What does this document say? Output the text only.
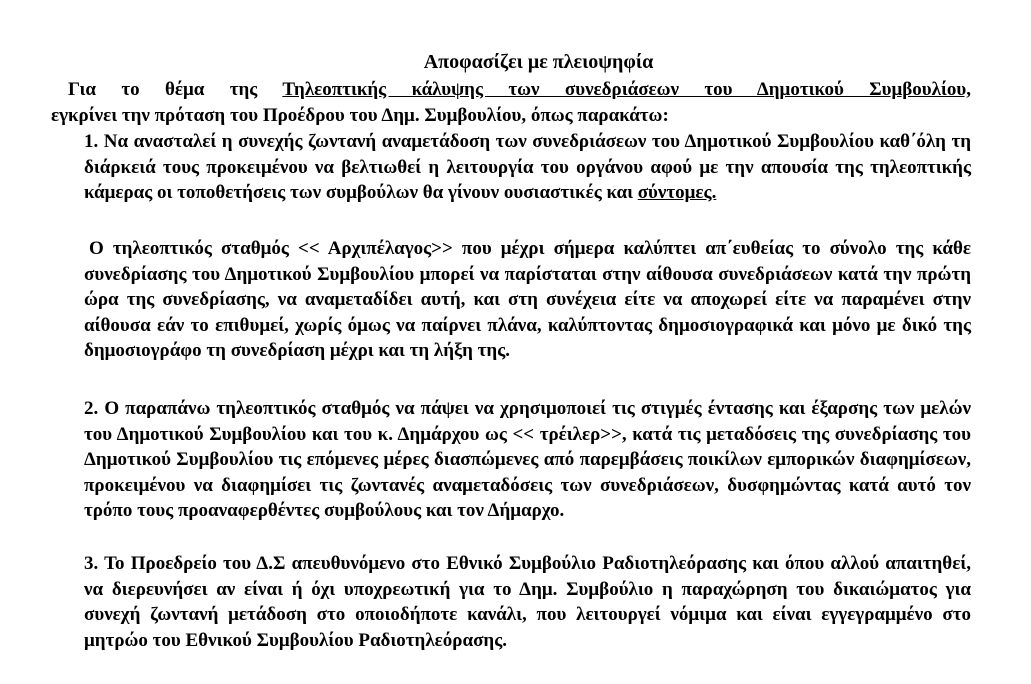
Αποφασίζει με πλειοψηφία
Για το θέμα της Τηλεοπτικής κάλυψης των συνεδριάσεων του Δημοτικού Συμβουλίου,
εγκρίνει την πρόταση του Προέδρου του Δημ. Συμβουλίου, όπως παρακάτω:
1. Να ανασταλεί η συνεχής ζωντανή αναμετάδοση των συνεδριάσεων του Δημοτικού Συμβουλίου καθ΄όλη τη διάρκειά τους προκειμένου να βελτιωθεί η λειτουργία του οργάνου αφού με την απουσία της τηλεοπτικής κάμερας οι τοποθετήσεις των συμβούλων θα γίνουν ουσιαστικές και σύντομες.
Ο τηλεοπτικός σταθμός << Αρχιπέλαγος>> που μέχρι σήμερα καλύπτει απ΄ευθείας το σύνολο της κάθε συνεδρίασης του Δημοτικού Συμβουλίου μπορεί να παρίσταται στην αίθουσα συνεδριάσεων κατά την πρώτη ώρα της συνεδρίασης, να αναμεταδίδει αυτή, και στη συνέχεια είτε να αποχωρεί είτε να παραμένει στην αίθουσα εάν το επιθυμεί, χωρίς όμως να παίρνει πλάνα, καλύπτοντας δημοσιογραφικά και μόνο με δικό της δημοσιογράφο τη συνεδρίαση μέχρι και τη λήξη της.
2. Ο παραπάνω τηλεοπτικός σταθμός να πάψει να χρησιμοποιεί τις στιγμές έντασης και έξαρσης των μελών του Δημοτικού Συμβουλίου και του κ. Δημάρχου ως << τρέιλερ>>, κατά τις μεταδόσεις της συνεδρίασης του Δημοτικού Συμβουλίου τις επόμενες μέρες διασπώμενες από παρεμβάσεις ποικίλων εμπορικών διαφημίσεων, προκειμένου να διαφημίσει τις ζωντανές αναμεταδόσεις των συνεδριάσεων, δυσφημώντας κατά αυτό τον τρόπο τους προαναφερθέντες συμβούλους και τον Δήμαρχο.
3. Το Προεδρείο του Δ.Σ απευθυνόμενο στο Εθνικό Συμβούλιο Ραδιοτηλεόρασης και όπου αλλού απαιτηθεί, να διερευνήσει αν είναι ή όχι υποχρεωτική για το Δημ. Συμβούλιο η παραχώρηση του δικαιώματος για συνεχή ζωντανή μετάδοση στο οποιοδήποτε κανάλι, που λειτουργεί νόμιμα και είναι εγγεγραμμένο στο μητρώο του Εθνικού Συμβουλίου Ραδιοτηλεόρασης.
